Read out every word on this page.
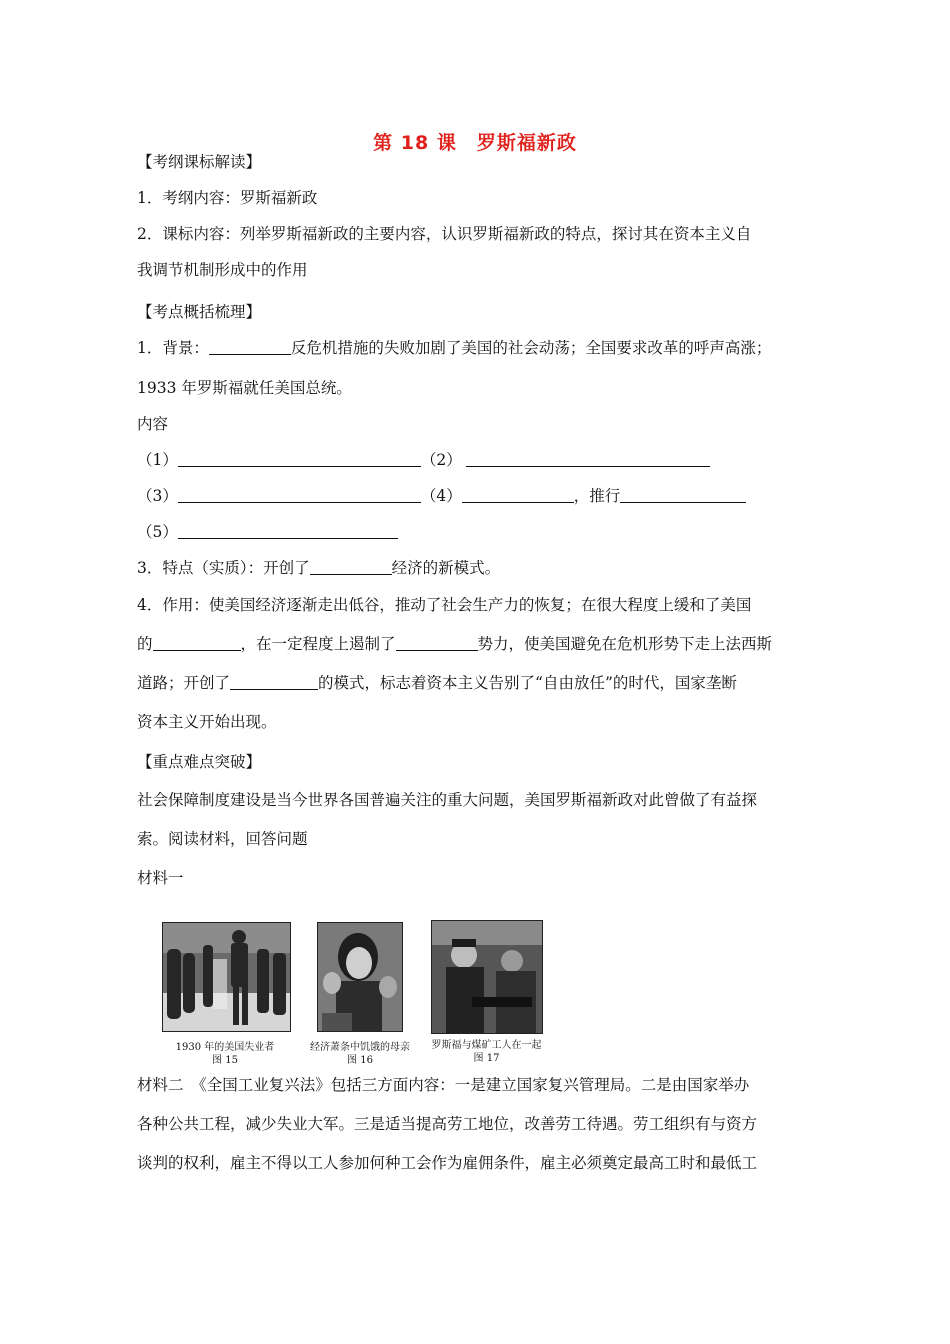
第 18 课　罗斯福新政
【考纲课标解读】
1．考纲内容：罗斯福新政
2．课标内容：列举罗斯福新政的主要内容，认识罗斯福新政的特点，探讨其在资本主义自
我调节机制形成中的作用
【考点概括梳理】
1．背景：	反危机措施的失败加剧了美国的社会动荡；全国要求改革的呼声高涨；
1933 年罗斯福就任美国总统。
内容
（1）	（2）
（3）	（4）	，推行
（5）
3．特点（实质）：开创了	经济的新模式。
4．作用：使美国经济逐渐走出低谷，推动了社会生产力的恢复；在很大程度上缓和了美国
的	，在一定程度上遏制了	势力，使美国避免在危机形势下走上法西斯
道路；开创了	的模式，标志着资本主义告别了“自由放任”的时代，国家垄断
资本主义开始出现。
【重点难点突破】
社会保障制度建设是当今世界各国普遍关注的重大问题，美国罗斯福新政对此曾做了有益探
索。阅读材料，回答问题
材料一
1930 年的美国失业者
图 15
经济萧条中饥饿的母亲
图 16
罗斯福与煤矿工人在一起
图 17
材料二　《全国工业复兴法》包括三方面内容：一是建立国家复兴管理局。二是由国家举办
各种公共工程，减少失业大军。三是适当提高劳工地位，改善劳工待遇。劳工组织有与资方
谈判的权利，雇主不得以工人参加何种工会作为雇佣条件，雇主必须奠定最高工时和最低工
